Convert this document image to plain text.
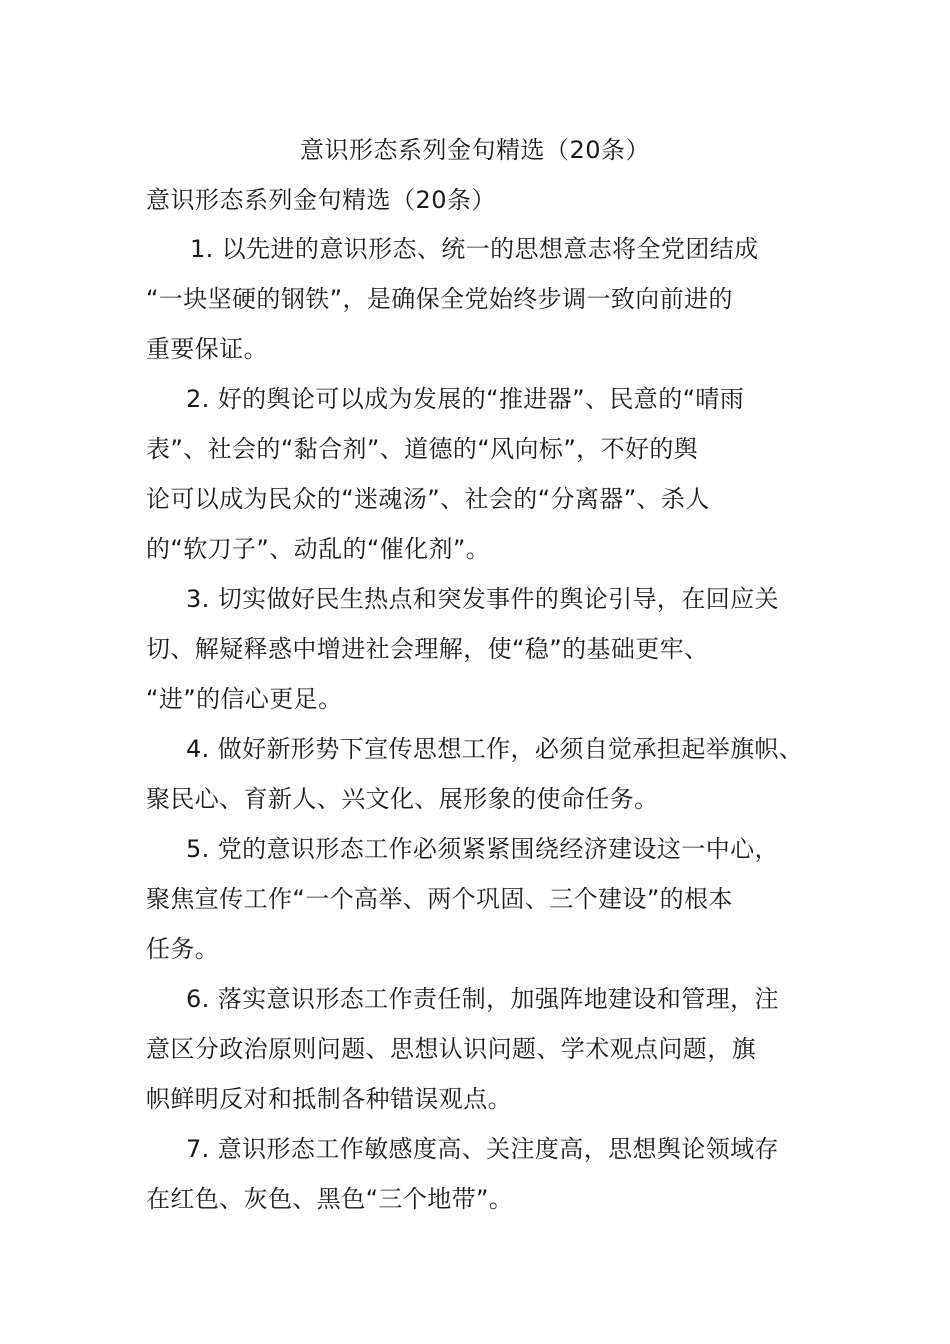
意识形态系列金句精选（20条）
意识形态系列金句精选（20条）
1. 以先进的意识形态、统一的思想意志将全党团结成
“一块坚硬的钢铁”，是确保全党始终步调一致向前进的
重要保证。
2. 好的舆论可以成为发展的“推进器”、民意的“晴雨
表”、社会的“黏合剂”、道德的“风向标”，不好的舆
论可以成为民众的“迷魂汤”、社会的“分离器”、杀人
的“软刀子”、动乱的“催化剂”。
3. 切实做好民生热点和突发事件的舆论引导，在回应关
切、解疑释惑中增进社会理解，使“稳”的基础更牢、
“进”的信心更足。
4. 做好新形势下宣传思想工作，必须自觉承担起举旗帜、
聚民心、育新人、兴文化、展形象的使命任务。
5. 党的意识形态工作必须紧紧围绕经济建设这一中心，
聚焦宣传工作“一个高举、两个巩固、三个建设”的根本
任务。
6. 落实意识形态工作责任制，加强阵地建设和管理，注
意区分政治原则问题、思想认识问题、学术观点问题，旗
帜鲜明反对和抵制各种错误观点。
7. 意识形态工作敏感度高、关注度高，思想舆论领域存
在红色、灰色、黑色“三个地带”。
